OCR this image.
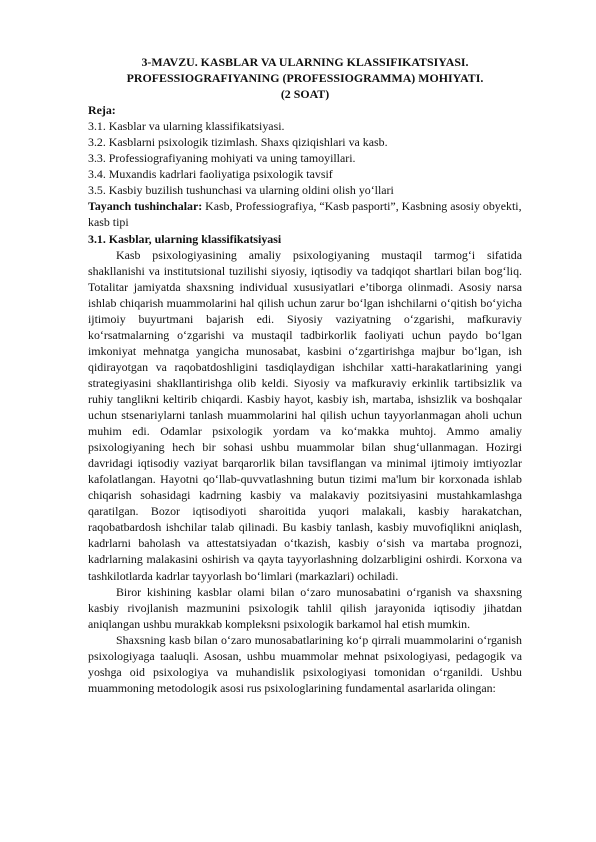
3-MAVZU. KASBLAR VA ULARNING KLASSIFIKATSIYASI.

PROFESSIOGRAFIYANING (PROFESSIOGRAMMA) MOHIYATI.

(2 SOAT)

Reja:

3.1. Kasblar va ularning klassifikatsiyasi.

3.2. Kasblarni psixologik tizimlash. Shaxs qiziqishlari va kasb.

3.3. Professiografiyaning mohiyati va uning tamoyillari.

3.4. Muxandis kadrlari faoliyatiga psixologik tavsif

3.5. Kasbiy buzilish tushunchasi va ularning oldini olish yo‘llari

Tayanch tushinchalar: Kasb, Professiografiya, “Kasb pasporti”, Kasbning asosiy obyekti, kasb tipi

3.1. Kasblar, ularning klassifikatsiyasi

Kasb psixologiyasining amaliy psixologiyaning mustaqil tarmog‘i sifatida shakllanishi va institutsional tuzilishi siyosiy, iqtisodiy va tadqiqot shartlari bilan bog‘liq. Totalitar jamiyatda shaxsning individual xususiyatlari e’tiborga olinmadi. Asosiy narsa ishlab chiqarish muammolarini hal qilish uchun zarur bo‘lgan ishchilarni o‘qitish bo‘yicha ijtimoiy buyurtmani bajarish edi. Siyosiy vaziyatning o‘zgarishi, mafkuraviy ko‘rsatmalarning o‘zgarishi va mustaqil tadbirkorlik faoliyati uchun paydo bo‘lgan imkoniyat mehnatga yangicha munosabat, kasbini o‘zgartirishga majbur bo‘lgan, ish qidirayotgan va raqobatdoshligini tasdiqlaydigan ishchilar xatti-harakatlarining yangi strategiyasini shakllantirishga olib keldi. Siyosiy va mafkuraviy erkinlik tartibsizlik va ruhiy tanglikni keltirib chiqardi. Kasbiy hayot, kasbiy ish, martaba, ishsizlik va boshqalar uchun stsenariylarni tanlash muammolarini hal qilish uchun tayyorlanmagan aholi uchun muhim edi. Odamlar psixologik yordam va ko‘makka muhtoj. Ammo amaliy psixologiyaning hech bir sohasi ushbu muammolar bilan shug‘ullanmagan. Hozirgi davridagi iqtisodiy vaziyat barqarorlik bilan tavsiflangan va minimal ijtimoiy imtiyozlar kafolatlangan. Hayotni qo‘llab-quvvatlashning butun tizimi ma'lum bir korxonada ishlab chiqarish sohasidagi kadrning kasbiy va malakaviy pozitsiyasini mustahkamlashga qaratilgan. Bozor iqtisodiyoti sharoitida yuqori malakali, kasbiy harakatchan, raqobatbardosh ishchilar talab qilinadi. Bu kasbiy tanlash, kasbiy muvofiqlikni aniqlash, kadrlarni baholash va attestatsiyadan o‘tkazish, kasbiy o‘sish va martaba prognozi, kadrlarning malakasini oshirish va qayta tayyorlashning dolzarbligini oshirdi. Korxona va tashkilotlarda kadrlar tayyorlash bo‘limlari (markazlari) ochiladi.

Biror kishining kasblar olami bilan o‘zaro munosabatini o‘rganish va shaxsning kasbiy rivojlanish mazmunini psixologik tahlil qilish jarayonida iqtisodiy jihatdan aniqlangan ushbu murakkab kompleksni psixologik barkamol hal etish mumkin.

Shaxsning kasb bilan o‘zaro munosabatlarining ko‘p qirrali muammolarini o‘rganish psixologiyaga taaluqli. Asosan, ushbu muammolar mehnat psixologiyasi, pedagogik va yoshga oid psixologiya va muhandislik psixologiyasi tomonidan o‘rganildi. Ushbu muammoning metodologik asosi rus psixologlarining fundamental asarlarida olingan:
